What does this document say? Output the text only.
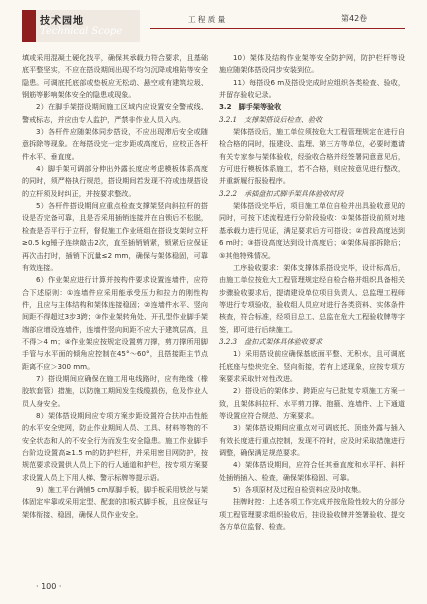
技术园地
Technical Scope
工 程 质 量	第42卷

填或采用混凝土硬化找平，确保其承载力符合要求，且基础底平整坚实，不应在搭设期间出现不均匀沉降或堆陷等安全隐患。可调底托底部或垫板应无松动、悬空或有建筑垃圾、钢筋等影响架体安全的隐患或现象。

2）在脚手架搭设期间施工区域内应设置安全警戒线、警戒标志，并应由专人监护，严禁非作业人员入内。

3）各杆件应随架体同步搭设，不应出现滞后安全或随意拆除等现象。在每搭设完一定步距或高度后，应校正各杆件水平、垂直度。

4）脚手架可调部分伸出外露长度应考虑模板体系高度的同时，须严格执行规范，搭设期间若发现不符或违规搭设的立杆须及时纠正，并按要求整改。

5）各杆件搭设期间应重点检查支撑架竖向斜拉杆的搭设是否完备可靠，且是否采用插销连接并在自锁后不松脱，检查是否平行于立杆，督促施工作业班组在搭设支架时立杆≥0.5 kg锤子连续敲击2次，直至插销销紧，锁紧后应保证再次击打时，插销下沉量≤2 mm，确保与架体稳固，可靠有效连接。

6）作业架应进行计算并按构件要求设置连墙件，应符合下述原则：①连墙件应采用能承受压力和拉力的刚性构件，且应与主体结构和架体连接稳固；②连墙件水平、竖向间距不得超过3步3跨；③作业架转角处、开孔型作业脚手架端部应增设连墙件，连墙件竖向间距不应大于建筑层高，且不得＞4 m；④作业架应按规定设置剪刀撑，剪刀撑所用脚手管与水平面的倾角应控制在45°～60°，且搭接距主节点距离不应＞300 mm。

7）搭设期间应确保在施工用电线路时，应有绝缘（橡胶软套管）措施，以防施工期间发生线缆损伤，危及作业人员人身安全。

8）架体搭设期间应专项方案步距设置符合扶冲击性能的水平安全兜网，防止作业期间人员、工具、材料等物的不安全状态和人的不安全行为而发生安全隐患。施工作业脚手台阶边设置高≥1.5 m的防护栏杆，并采用密目网防护，按规范要求设置供人员上下的行人通道和护栏，按专项方案要求设置人员上下用人梯、警示标牌等提示语。

9）施工平台满铺5 cm厚脚手板，脚手板采用铁丝与架体固定牢靠或采用定型、配套的扣板式脚手板，且应保证与架体衔接、稳固，确保人员作业安全。

10）架体及结构作业架等安全防护网，防护栏杆等设施应随架体搭设同步安装到位。

11）每搭设6 m及搭设完成时应组织各类检查、验收，并留存验收记录。

3.2　脚手架等验收

3.2.1　支撑架搭设后检查、验收

架体搭设后，施工单位须按危大工程管理规定在进行自检合格的同时，报建设、监理、第三方等单位，必要时邀请有关专家参与架体验收，经验收合格并经签署同意意见后，方可进行模板体系施工，若不合格，则应按意见进行整改，并重新履行报验程序。

3.2.2　承插盘扣式脚手架具体验收时段

架体搭设完毕后，项目施工单位自检并出具验收意见的同时，可按下述流程进行分阶段验收：①架体搭设前须对地基承载力进行见证，满足要求后方可搭设；②首段高度达到6 m时；③搭设高度达到设计高度后；④架体局部拆除后；⑤其他特殊情况。

工序验收要求：架体支撑体系搭设完毕，设计标高后，由施工单位按危大工程管理规定经自检合格并组织具备相关步骤验收要求后，提请建设单位项目负责人、总监理工程师等进行专项验收，验收组人员应对进行各类资料、实体条件核查，符合标准，经项目总工、总监在危大工程验收牌等字签，即可进行后续施工。

3.2.3　盘扣式架体具体验收要求

1）采用搭设前应确保基底面平整、无积水，且可调底托底座与垫块完全、竖向衔接，若有上述现象，应按专项方案要求采取针对性改进。

2）搭设后的架体步、跨距应与已批复专项施工方案一致，且架体斜拉杆、水平剪刀撑、抱箍、连墙件、上下通道等设置应符合规范、方案要求。

3）架体搭设期间应重点对可调底托、顶座外露与插入有效长度进行重点控制，发现不符时，应及时采取措施进行调整，确保满足规范要求。

4）架体搭设期间，应符合任其垂直度和水平杆、斜杆处插销插入、检查，确保架体稳固、可靠。

5）各项原材及过程自检资料应及时收集。

挂牌时控：上述各项工作完成并按危险性较大的分部分项工程管理要求组织验收后，挂设验收牌并签署验收、提交各方单位监督、检查。

· 100 ·
